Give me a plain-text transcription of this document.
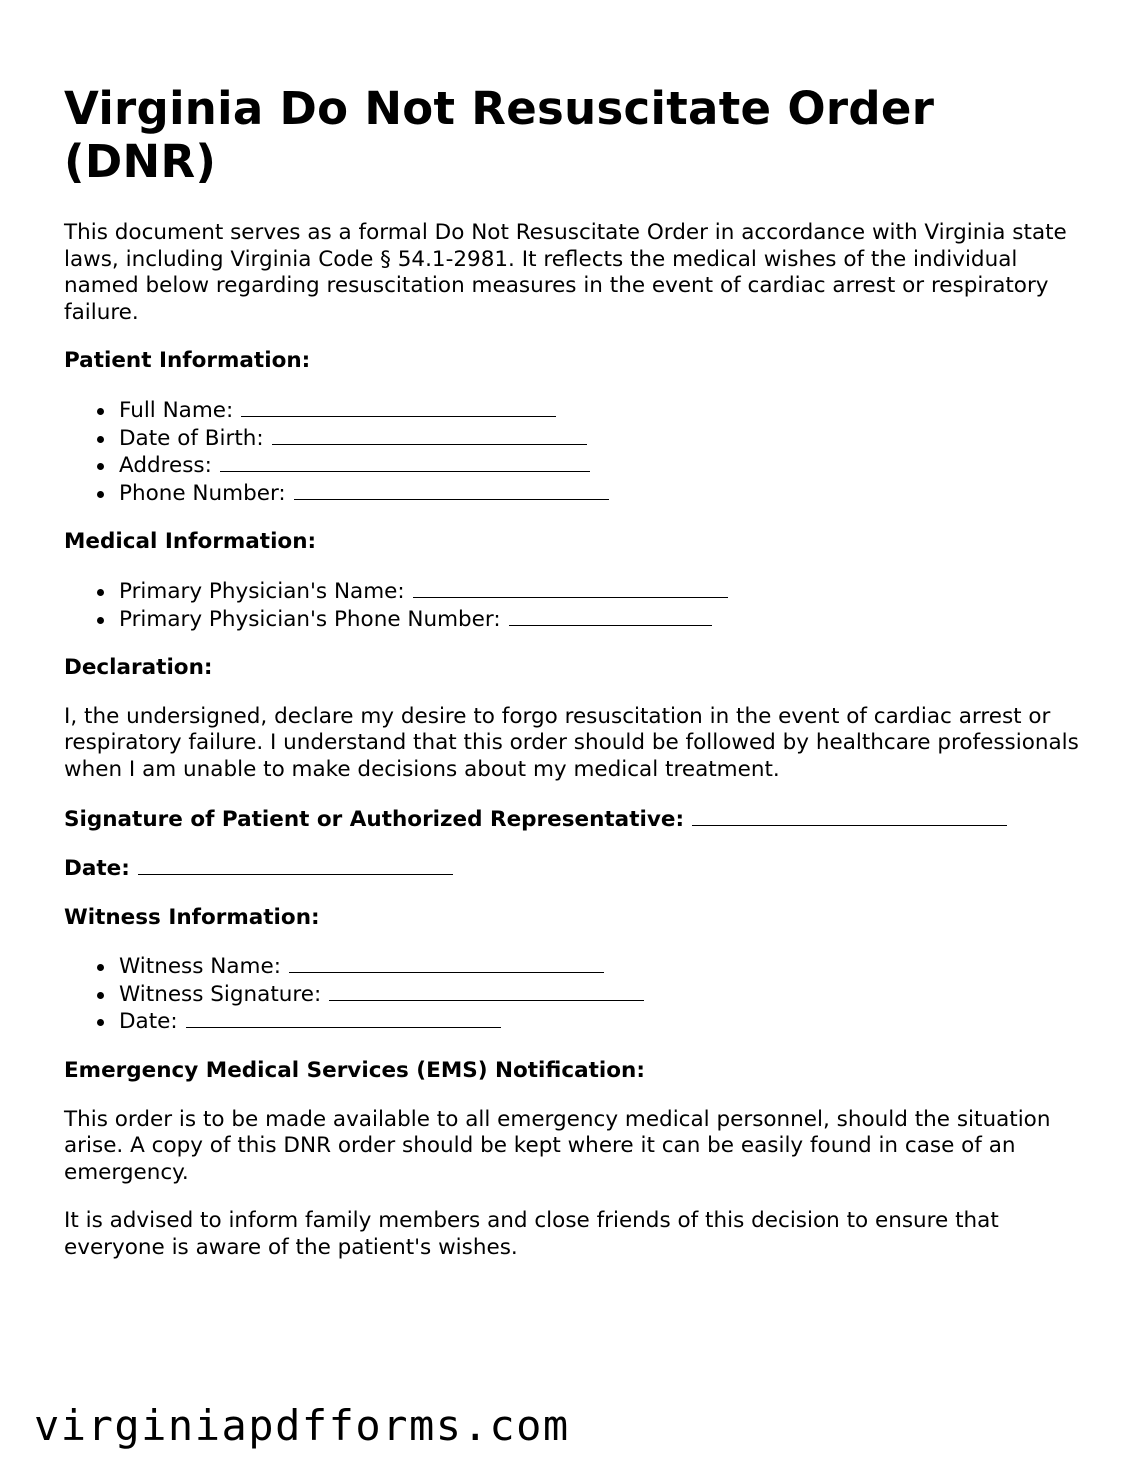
Virginia Do Not Resuscitate Order (DNR)

This document serves as a formal Do Not Resuscitate Order in accordance with Virginia state laws, including Virginia Code § 54.1-2981. It reflects the medical wishes of the individual named below regarding resuscitation measures in the event of cardiac arrest or respiratory failure.

Patient Information:
Full Name:
Date of Birth:
Address:
Phone Number:
Medical Information:
Primary Physician's Name:
Primary Physician's Phone Number:
Declaration:

I, the undersigned, declare my desire to forgo resuscitation in the event of cardiac arrest or respiratory failure. I understand that this order should be followed by healthcare professionals when I am unable to make decisions about my medical treatment.

Signature of Patient or Authorized Representative:
Date:
Witness Information:
Witness Name:
Witness Signature:
Date:
Emergency Medical Services (EMS) Notification:

This order is to be made available to all emergency medical personnel, should the situation arise. A copy of this DNR order should be kept where it can be easily found in case of an emergency.

It is advised to inform family members and close friends of this decision to ensure that everyone is aware of the patient's wishes.

virginiapdfforms.com
